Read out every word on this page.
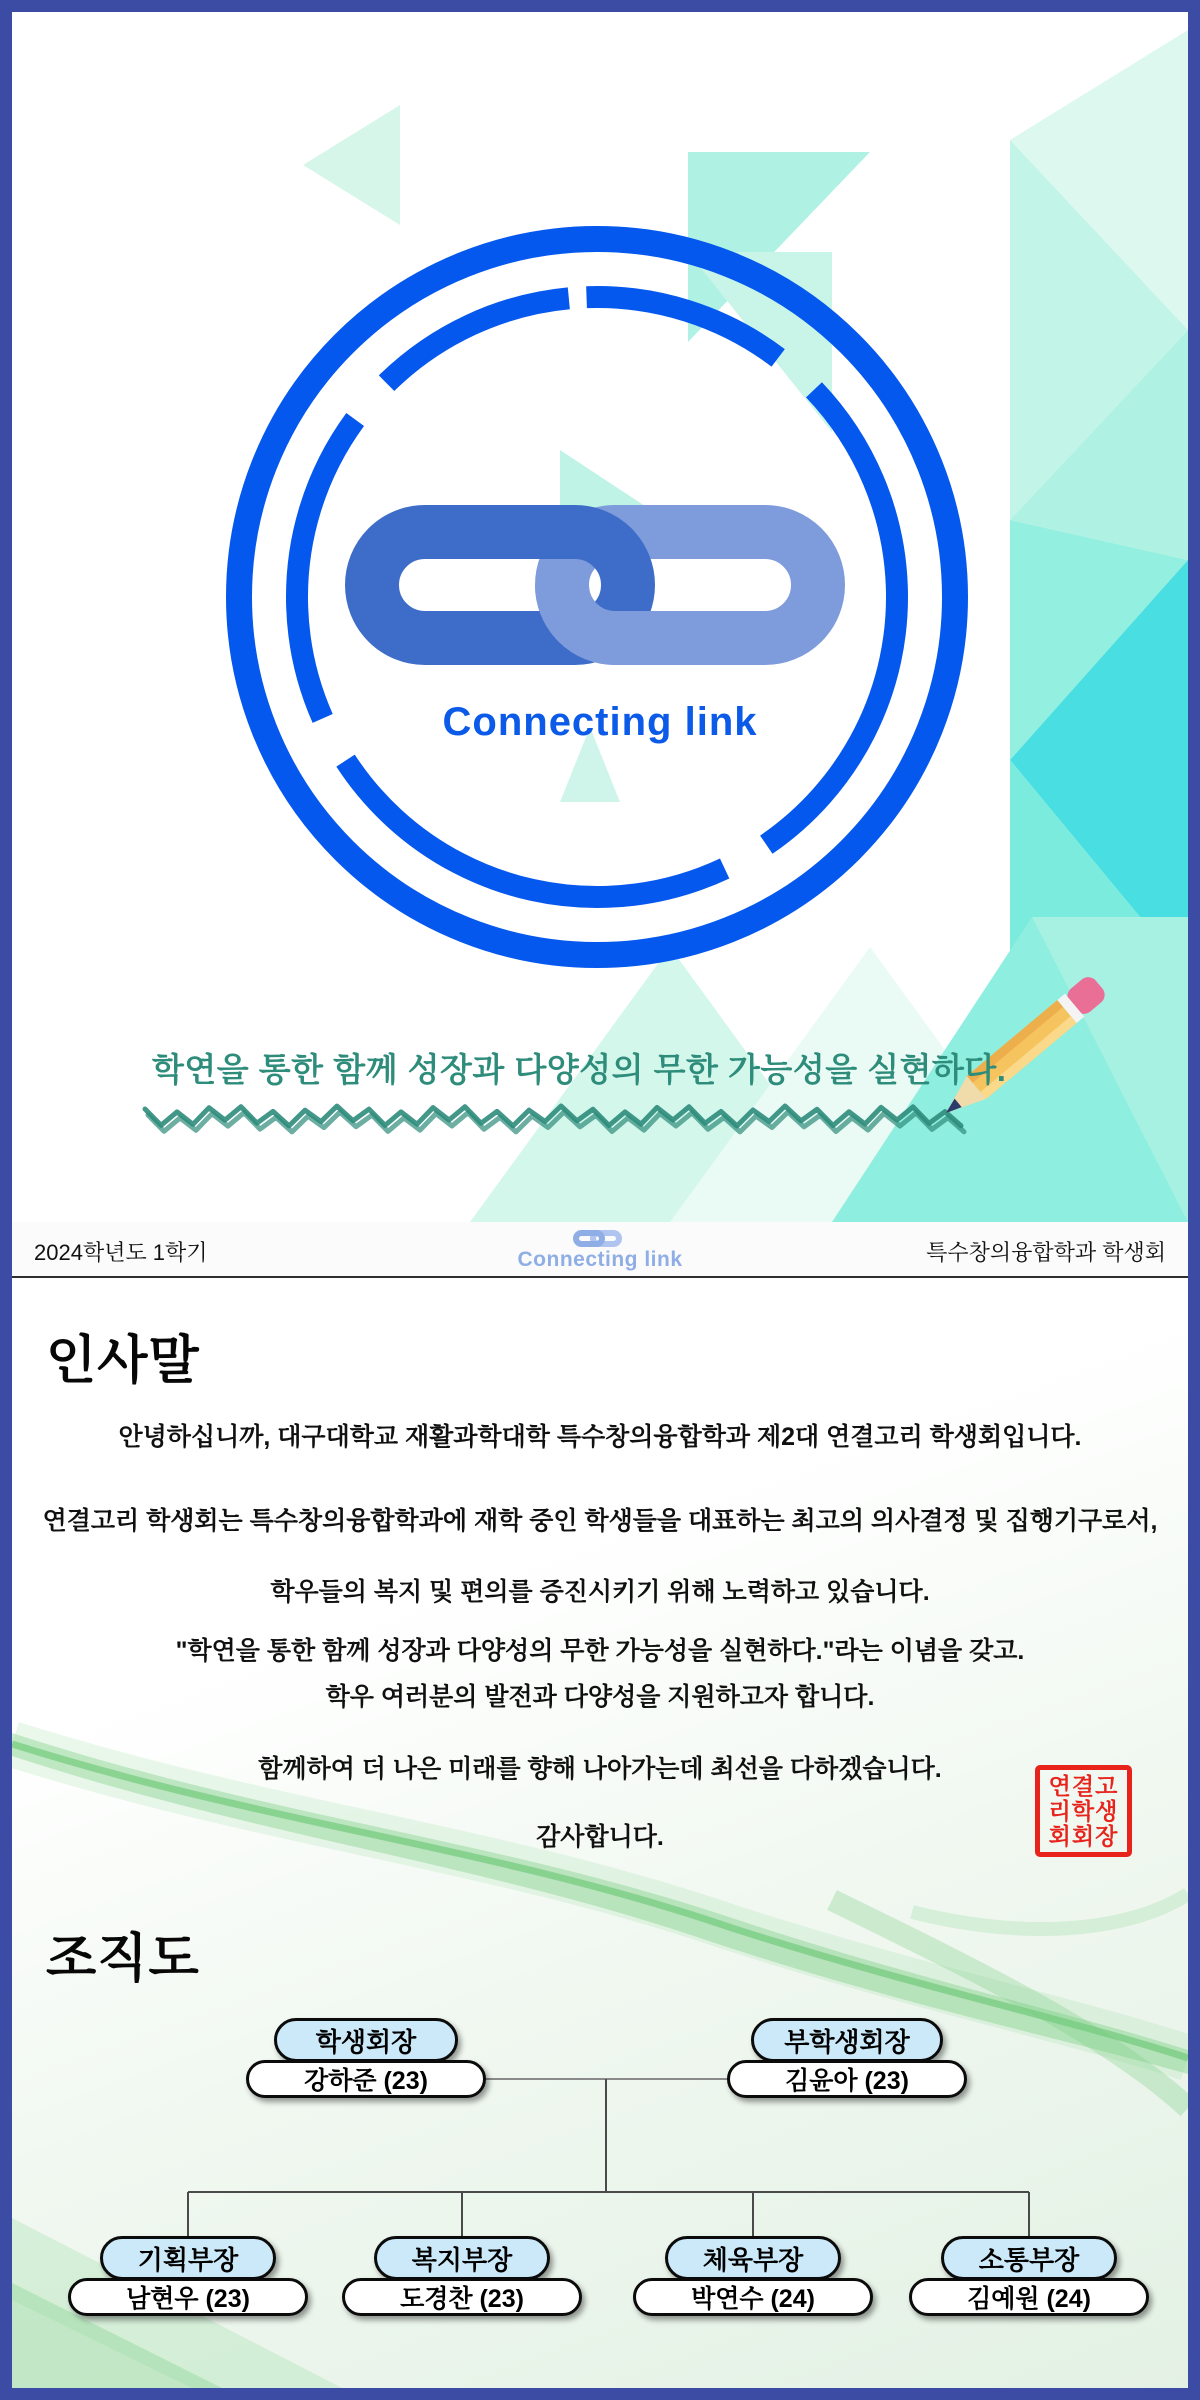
Connecting link
학연을 통한 함께 성장과 다양성의 무한 가능성을 실현하다.
2024학년도 1학기	Connecting link	특수창의융합학과 학생회
인사말
안녕하십니까, 대구대학교 재활과학대학 특수창의융합학과 제2대 연결고리 학생회입니다.
연결고리 학생회는 특수창의융합학과에 재학 중인 학생들을 대표하는 최고의 의사결정 및 집행기구로서,
학우들의 복지 및 편의를 증진시키기 위해 노력하고 있습니다.
"학연을 통한 함께 성장과 다양성의 무한 가능성을 실현하다."라는 이념을 갖고.
학우 여러분의 발전과 다양성을 지원하고자 합니다.
함께하여 더 나은 미래를 향해 나아가는데 최선을 다하겠습니다.
감사합니다.
연결고
리학생
회회장
조직도
학생회장
강하준 (23)
부학생회장
김윤아 (23)
기획부장
남현우 (23)
복지부장
도경찬 (23)
체육부장
박연수 (24)
소통부장
김예원 (24)
